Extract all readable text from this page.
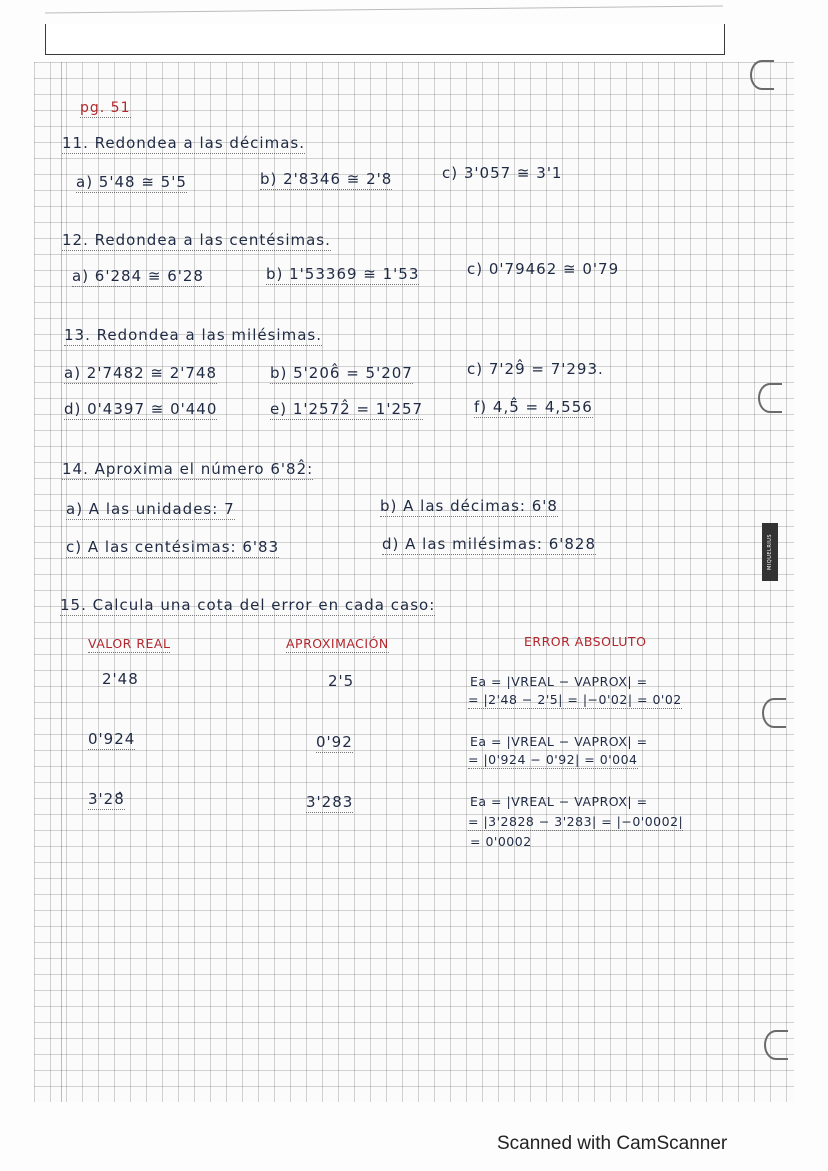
MIQUELRIUS
pg. 51
11. Redondea a las décimas.
a) 5'48 ≅ 5'5	b) 2'8346 ≅ 2'8	c) 3'057 ≅ 3'1
12. Redondea a las centésimas.
a) 6'284 ≅ 6'28	b) 1'53369 ≅ 1'53	c) 0'79462 ≅ 0'79
13. Redondea a las milésimas.
a) 2'7482 ≅ 2'748	b) 5'206̂ = 5'207	c) 7'29̂ = 7'293.
d) 0'4397 ≅ 0'440	e) 1'2572̂ = 1'257	f) 4,5̂ = 4,556
14. Aproxima el número 6'82̂:
a) A las unidades: 7	b) A las décimas: 6'8
c) A las centésimas: 6'83	d) A las milésimas: 6'828
15. Calcula una cota del error en cada caso:
VALOR REAL	APROXIMACIÓN	ERROR ABSOLUTO
2'48	2'5	Ea = |VREAL − VAPROX| =
= |2'48 − 2'5| = |−0'02| = 0'02
0'924	0'92	Ea = |VREAL − VAPROX| =
= |0'924 − 0'92| = 0'004
3'28̂	3'283	Ea = |VREAL − VAPROX| =
= |3'2828 − 3'283| = |−0'0002|
= 0'0002
Scanned with CamScanner
